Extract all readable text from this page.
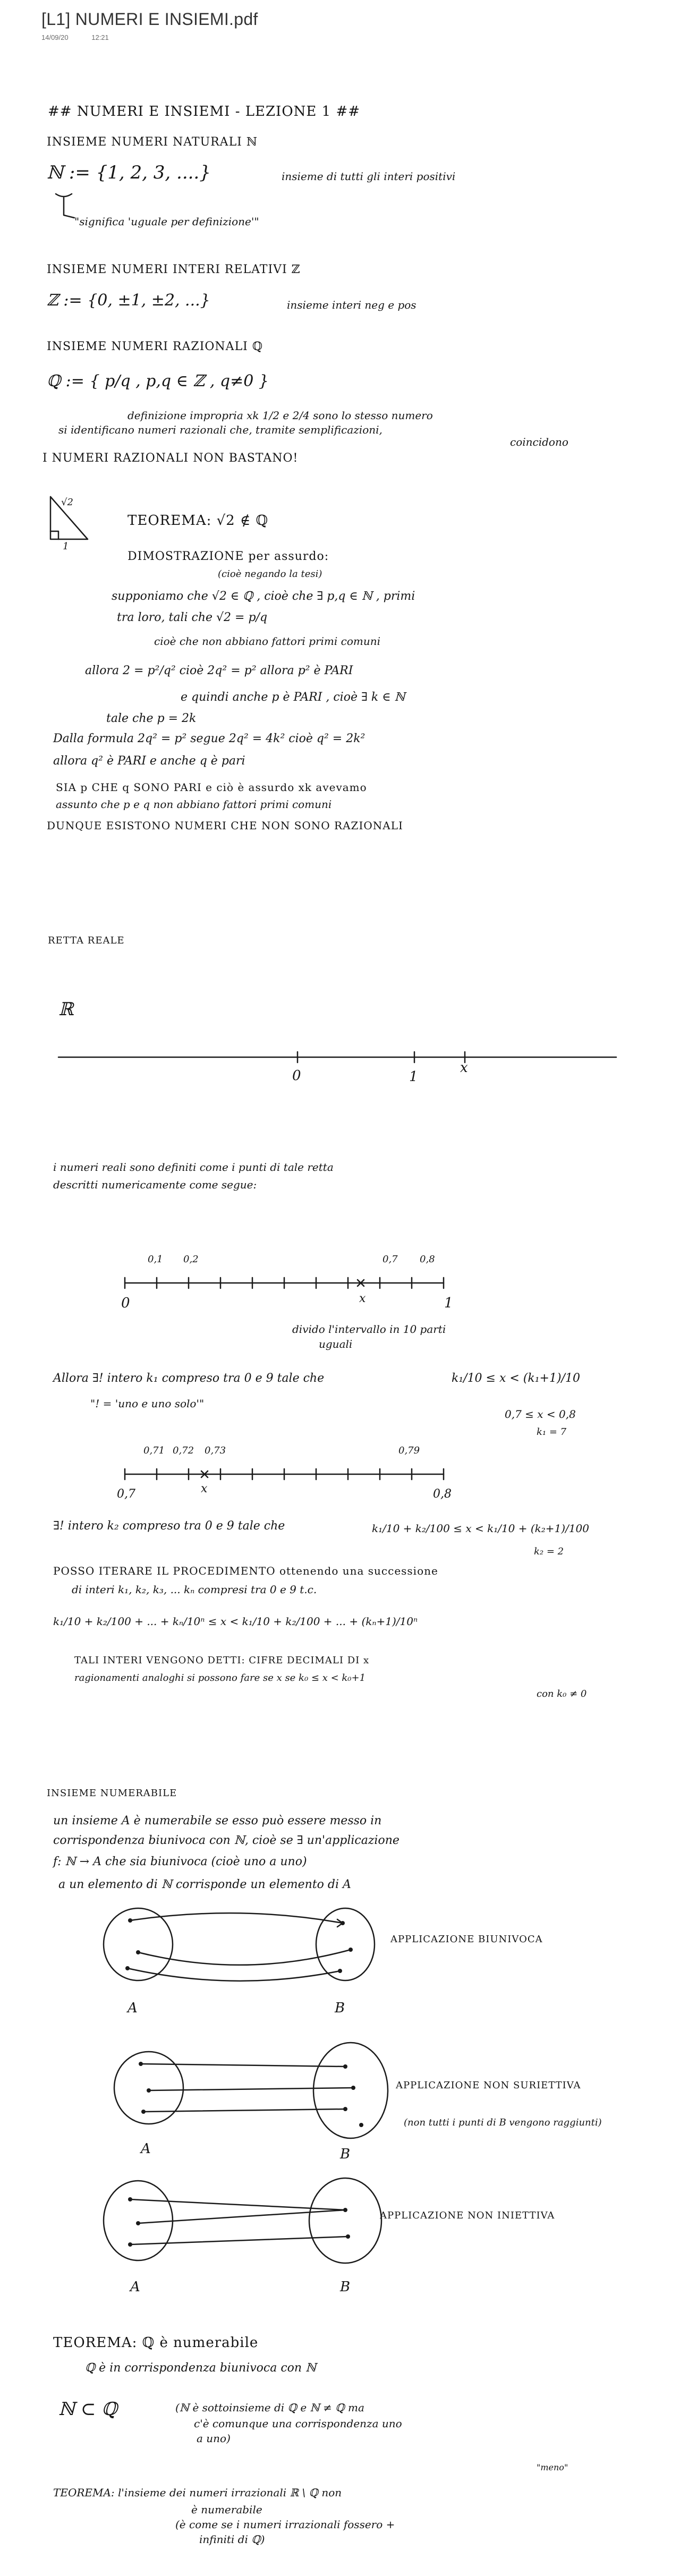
[L1] NUMERI E INSIEMI.pdf
14/09/20	12:21
## NUMERI E INSIEMI - LEZIONE 1 ##
INSIEME NUMERI NATURALI ℕ
ℕ := {1, 2, 3, ....}	insieme di tutti gli interi positivi
"significa 'uguale per definizione'"
INSIEME NUMERI INTERI RELATIVI ℤ
ℤ := {0, ±1, ±2, ...}	insieme interi neg e pos
INSIEME NUMERI RAZIONALI ℚ
ℚ := { p/q , p,q ∈ ℤ , q≠0 }
definizione impropria xk 1/2 e 2/4 sono lo stesso numero
si identificano numeri razionali che, tramite semplificazioni,
coincidono
I NUMERI RAZIONALI NON BASTANO!
√2
1
TEOREMA: √2 ∉ ℚ
DIMOSTRAZIONE per assurdo:
(cioè negando la tesi)
supponiamo che √2 ∈ ℚ , cioè che ∃ p,q ∈ ℕ , primi
tra loro, tali che √2 = p/q
cioè che non abbiano fattori primi comuni
allora 2 = p²/q² cioè 2q² = p² allora p² è PARI
e quindi anche p è PARI , cioè ∃ k ∈ ℕ
tale che p = 2k
Dalla formula 2q² = p² segue 2q² = 4k² cioè q² = 2k²
allora q² è PARI e anche q è pari
SIA p CHE q SONO PARI e ciò è assurdo xk avevamo
assunto che p e q non abbiano fattori primi comuni
DUNQUE ESISTONO NUMERI CHE NON SONO RAZIONALI
RETTA REALE
ℝ
0	1
x
i numeri reali sono definiti come i punti di tale retta
descritti numericamente come segue:
0,1 0,2	0,7 0,8
0	1
x
divido l'intervallo in 10 parti
uguali
Allora ∃! intero k₁ compreso tra 0 e 9 tale che	k₁/10 ≤ x < (k₁+1)/10
"! = 'uno e uno solo'"
0,7 ≤ x < 0,8
k₁ = 7
0,71 0,72 0,73	0,79
0,7	0,8
x
∃! intero k₂ compreso tra 0 e 9 tale che	k₁/10 + k₂/100 ≤ x < k₁/10 + (k₂+1)/100
k₂ = 2
POSSO ITERARE IL PROCEDIMENTO ottenendo una successione
di interi k₁, k₂, k₃, ... kₙ compresi tra 0 e 9 t.c.
k₁/10 + k₂/100 + ... + kₙ/10ⁿ ≤ x < k₁/10 + k₂/100 + ... + (kₙ+1)/10ⁿ
TALI INTERI VENGONO DETTI: CIFRE DECIMALI DI x
ragionamenti analoghi si possono fare se x se k₀ ≤ x < k₀+1
con k₀ ≠ 0
INSIEME NUMERABILE
un insieme A è numerabile se esso può essere messo in
corrispondenza biunivoca con ℕ, cioè se ∃ un'applicazione
f: ℕ → A che sia biunivoca (cioè uno a uno)
a un elemento di ℕ corrisponde un elemento di A
A	B
APPLICAZIONE BIUNIVOCA
A	B
APPLICAZIONE NON SURIETTIVA
(non tutti i punti di B vengono raggiunti)
A	B
APPLICAZIONE NON INIETTIVA
TEOREMA: ℚ è numerabile
ℚ è in corrispondenza biunivoca con ℕ
ℕ ⊂ ℚ	(ℕ è sottoinsieme di ℚ e ℕ ≠ ℚ ma
c'è comunque una corrispondenza uno
a uno)
"meno"
TEOREMA: l'insieme dei numeri irrazionali ℝ \ ℚ non
è numerabile
(è come se i numeri irrazionali fossero +
infiniti di ℚ)
